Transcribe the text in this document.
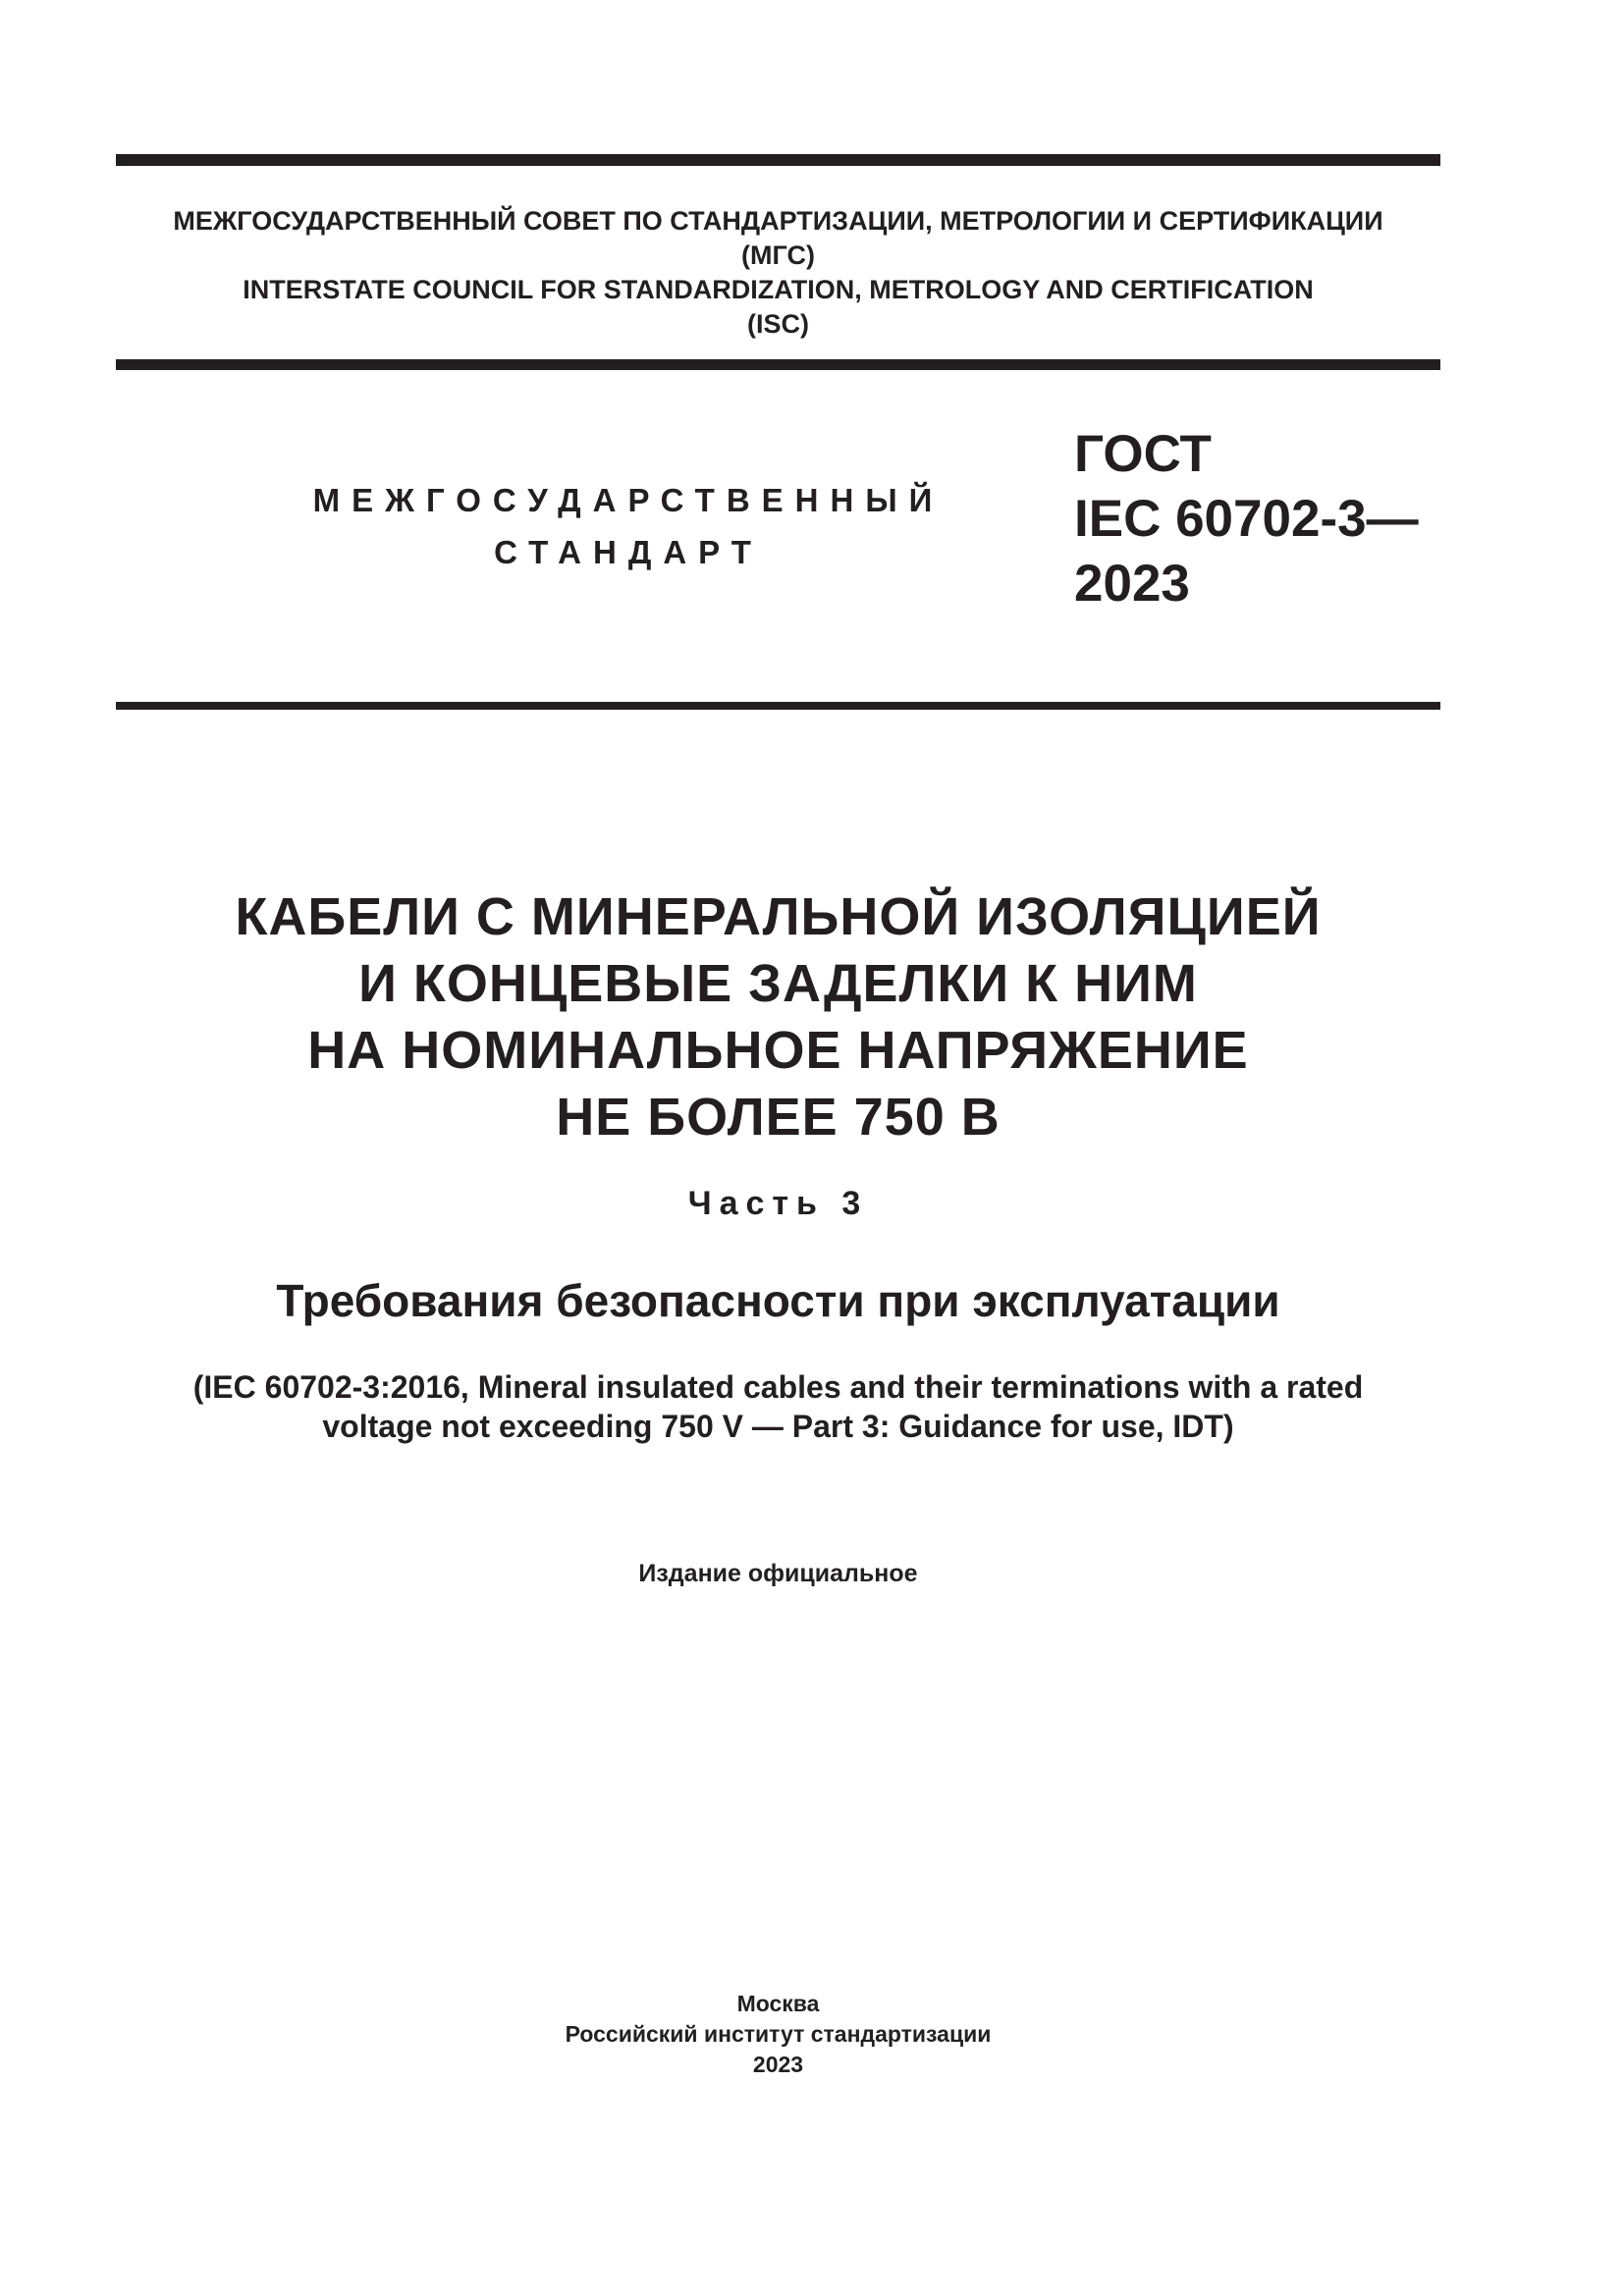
МЕЖГОСУДАРСТВЕННЫЙ СОВЕТ ПО СТАНДАРТИЗАЦИИ, МЕТРОЛОГИИ И СЕРТИФИКАЦИИ
(МГС)
INTERSTATE COUNCIL FOR STANDARDIZATION, METROLOGY AND CERTIFICATION
(ISC)
МЕЖГОСУДАРСТВЕННЫЙ
СТАНДАРТ
ГОСТ
IEC 60702-3—
2023
КАБЕЛИ С МИНЕРАЛЬНОЙ ИЗОЛЯЦИЕЙ
И КОНЦЕВЫЕ ЗАДЕЛКИ К НИМ
НА НОМИНАЛЬНОЕ НАПРЯЖЕНИЕ
НЕ БОЛЕЕ 750 В
Часть 3
Требования безопасности при эксплуатации
(IEC 60702-3:2016, Mineral insulated cables and their terminations with a rated
voltage not exceeding 750 V — Part 3: Guidance for use, IDT)
Издание официальное
Москва
Российский институт стандартизации
2023
